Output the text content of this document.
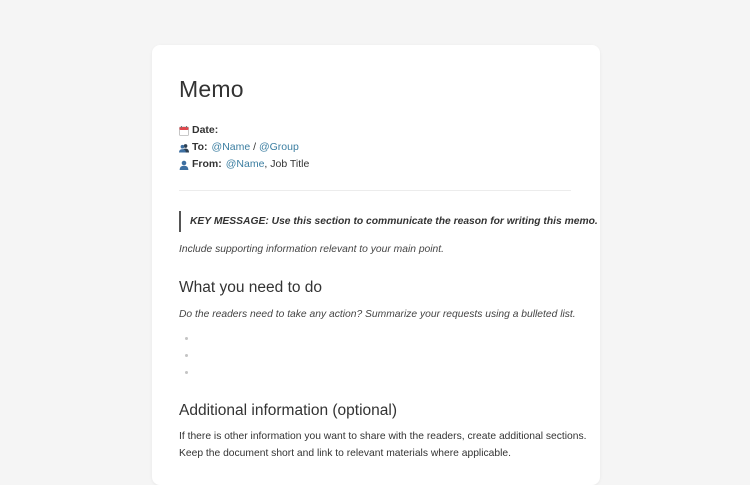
Memo
Date:
To: @Name / @Group
From: @Name , Job Title
KEY MESSAGE: Use this section to communicate the reason for writing this memo.
Include supporting information relevant to your main point.
What you need to do
Do the readers need to take any action? Summarize your requests using a bulleted list.
Additional information (optional)
If there is other information you want to share with the readers, create additional sections.
Keep the document short and link to relevant materials where applicable.
